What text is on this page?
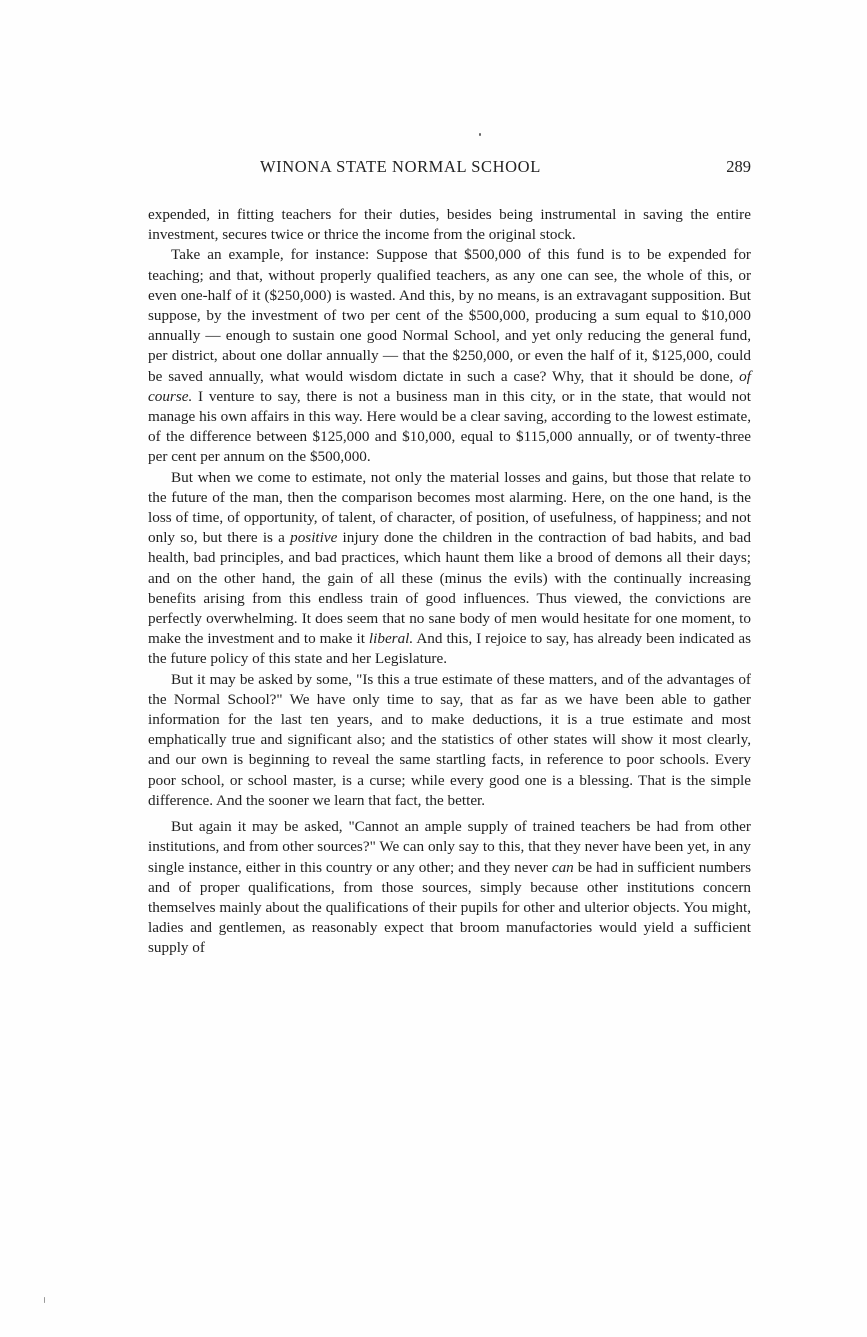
WINONA STATE NORMAL SCHOOL	289

expended, in fitting teachers for their duties, besides being instrumental in saving the entire investment, secures twice or thrice the income from the original stock.

Take an example, for instance: Suppose that $500,000 of this fund is to be expended for teaching; and that, without properly qualified teachers, as any one can see, the whole of this, or even one-half of it ($250,000) is wasted. And this, by no means, is an extravagant supposition. But suppose, by the investment of two per cent of the $500,000, producing a sum equal to $10,000 annually — enough to sustain one good Normal School, and yet only reducing the general fund, per district, about one dollar annually — that the $250,000, or even the half of it, $125,000, could be saved annually, what would wisdom dictate in such a case? Why, that it should be done, of course. I venture to say, there is not a business man in this city, or in the state, that would not manage his own affairs in this way. Here would be a clear saving, according to the lowest estimate, of the difference between $125,000 and $10,000, equal to $115,000 annually, or of twenty-three per cent per annum on the $500,000.

But when we come to estimate, not only the material losses and gains, but those that relate to the future of the man, then the comparison becomes most alarming. Here, on the one hand, is the loss of time, of opportunity, of talent, of character, of position, of usefulness, of happiness; and not only so, but there is a positive injury done the children in the contraction of bad habits, and bad health, bad principles, and bad practices, which haunt them like a brood of demons all their days; and on the other hand, the gain of all these (minus the evils) with the continually increasing benefits arising from this endless train of good influences. Thus viewed, the convictions are perfectly overwhelming. It does seem that no sane body of men would hesitate for one moment, to make the investment and to make it liberal. And this, I rejoice to say, has already been indicated as the future policy of this state and her Legislature.

But it may be asked by some, "Is this a true estimate of these matters, and of the advantages of the Normal School?" We have only time to say, that as far as we have been able to gather information for the last ten years, and to make deductions, it is a true estimate and most emphatically true and significant also; and the statistics of other states will show it most clearly, and our own is beginning to reveal the same startling facts, in reference to poor schools. Every poor school, or school master, is a curse; while every good one is a blessing. That is the simple difference. And the sooner we learn that fact, the better.

But again it may be asked, "Cannot an ample supply of trained teachers be had from other institutions, and from other sources?" We can only say to this, that they never have been yet, in any single instance, either in this country or any other; and they never can be had in sufficient numbers and of proper qualifications, from those sources, simply because other institutions concern themselves mainly about the qualifications of their pupils for other and ulterior objects. You might, ladies and gentlemen, as reasonably expect that broom manufactories would yield a sufficient supply of
